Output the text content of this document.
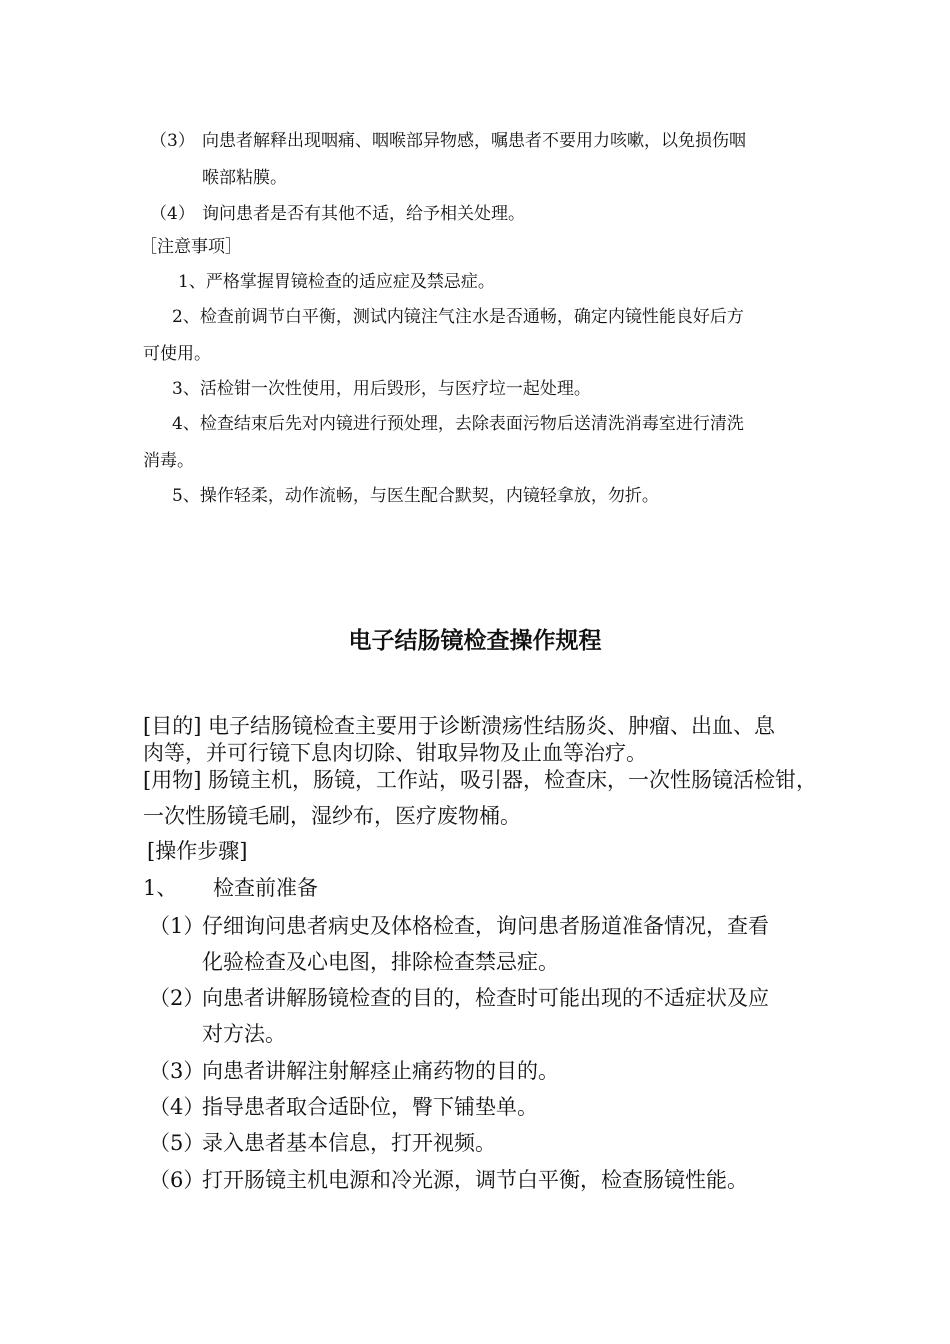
（3） 向患者解释出现咽痛、咽喉部异物感，嘱患者不要用力咳嗽，以免损伤咽
喉部粘膜。
（4） 询问患者是否有其他不适，给予相关处理。
［注意事项］
1、严格掌握胃镜检查的适应症及禁忌症。
2、检查前调节白平衡，测试内镜注气注水是否通畅，确定内镜性能良好后方
可使用。
3、活检钳一次性使用，用后毁形，与医疗垃一起处理。
4、检查结束后先对内镜进行预处理，去除表面污物后送清洗消毒室进行清洗
消毒。
5、操作轻柔，动作流畅，与医生配合默契，内镜轻拿放，勿折。
电子结肠镜检查操作规程
[目的] 电子结肠镜检查主要用于诊断溃疡性结肠炎、肿瘤、出血、息
肉等，并可行镜下息肉切除、钳取异物及止血等治疗。
[用物] 肠镜主机，肠镜，工作站，吸引器，检查床，一次性肠镜活检钳，
一次性肠镜毛刷，湿纱布，医疗废物桶。
[操作步骤]
1、 检查前准备
（1）仔细询问患者病史及体格检查，询问患者肠道准备情况，查看
化验检查及心电图，排除检查禁忌症。
（2）向患者讲解肠镜检查的目的，检查时可能出现的不适症状及应
对方法。
（3）向患者讲解注射解痉止痛药物的目的。
（4）指导患者取合适卧位，臀下铺垫单。
（5）录入患者基本信息，打开视频。
（6）打开肠镜主机电源和冷光源，调节白平衡，检查肠镜性能。
